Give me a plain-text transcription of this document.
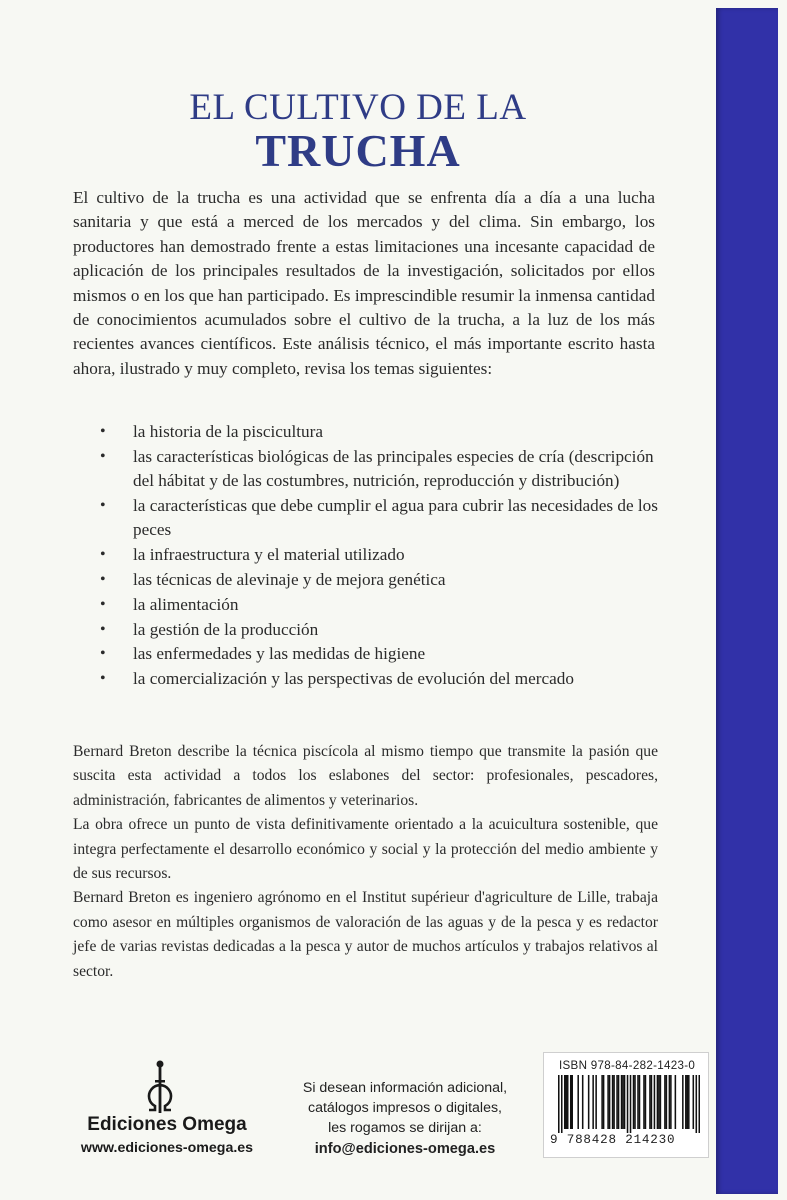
EL CULTIVO DE LA
TRUCHA
El cultivo de la trucha es una actividad que se enfrenta día a día a una lucha sanitaria y que está a merced de los mercados y del clima. Sin embargo, los productores han demostrado frente a estas limitaciones una incesante capacidad de aplicación de los principales resultados de la investigación, solicitados por ellos mismos o en los que han participado. Es imprescindible resumir la inmensa cantidad de conocimientos acumulados sobre el cultivo de la trucha, a la luz de los más recientes avances científicos. Este análisis técnico, el más importante escrito hasta ahora, ilustrado y muy completo, revisa los temas siguientes:
• la historia de la piscicultura
• las características biológicas de las principales especies de cría (descripción del hábitat y de las costumbres, nutrición, reproducción y distribución)
• la características que debe cumplir el agua para cubrir las necesidades de los peces
• la infraestructura y el material utilizado
• las técnicas de alevinaje y de mejora genética
• la alimentación
• la gestión de la producción
• las enfermedades y las medidas de higiene
• la comercialización y las perspectivas de evolución del mercado

Bernard Breton describe la técnica piscícola al mismo tiempo que transmite la pasión que suscita esta actividad a todos los eslabones del sector: profesionales, pescadores, administración, fabricantes de alimentos y veterinarios.

La obra ofrece un punto de vista definitivamente orientado a la acuicultura sostenible, que integra perfectamente el desarrollo económico y social y la protección del medio ambiente y de sus recursos.

Bernard Breton es ingeniero agrónomo en el Institut supérieur d'agriculture de Lille, trabaja como asesor en múltiples organismos de valoración de las aguas y de la pesca y es redactor jefe de varias revistas dedicadas a la pesca y autor de muchos artículos y trabajos relativos al sector.

Ediciones Omega
www.ediciones-omega.es
Si desean información adicional,
catálogos impresos o digitales,
les rogamos se dirijan a:
info@ediciones-omega.es
ISBN 978-84-282-1423-0
9 788428 214230
